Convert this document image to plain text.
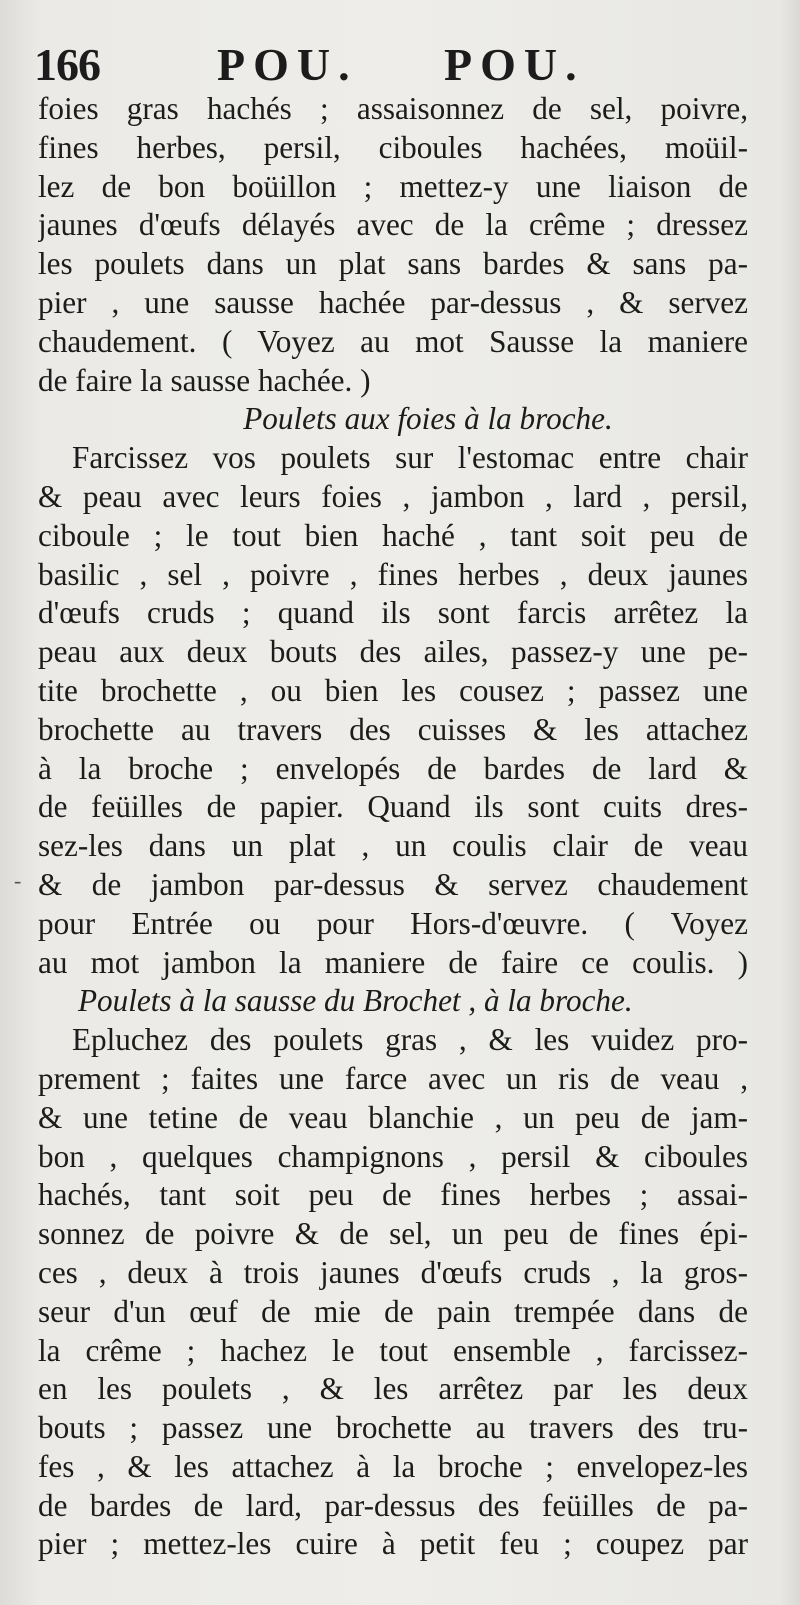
166	POU. POU.
foies gras hachés ; assaisonnez de sel, poivre,
fines herbes, persil, ciboules hachées, moüil-
lez de bon boüillon ; mettez-y une liaison de
jaunes d'œufs délayés avec de la crême ; dressez
les poulets dans un plat sans bardes & sans pa-
pier , une sausse hachée par-dessus , & servez
chaudement. ( Voyez au mot Sausse la maniere
de faire la sausse hachée. )
Poulets aux foies à la broche.
Farcissez vos poulets sur l'estomac entre chair
& peau avec leurs foies , jambon , lard , persil,
ciboule ; le tout bien haché , tant soit peu de
basilic , sel , poivre , fines herbes , deux jaunes
d'œufs cruds ; quand ils sont farcis arrêtez la
peau aux deux bouts des ailes, passez-y une pe-
tite brochette , ou bien les cousez ; passez une
brochette au travers des cuisses & les attachez
à la broche ; envelopés de bardes de lard &
de feüilles de papier. Quand ils sont cuits dres-
sez-les dans un plat , un coulis clair de veau
& de jambon par-dessus & servez chaudement
pour Entrée ou pour Hors-d'œuvre. ( Voyez
au mot jambon la maniere de faire ce coulis. )
Poulets à la sausse du Brochet , à la broche.
Epluchez des poulets gras , & les vuidez pro-
prement ; faites une farce avec un ris de veau ,
& une tetine de veau blanchie , un peu de jam-
bon , quelques champignons , persil & ciboules
hachés, tant soit peu de fines herbes ; assai-
sonnez de poivre & de sel, un peu de fines épi-
ces , deux à trois jaunes d'œufs cruds , la gros-
seur d'un œuf de mie de pain trempée dans de
la crême ; hachez le tout ensemble , farcissez-
en les poulets , & les arrêtez par les deux
bouts ; passez une brochette au travers des tru-
fes , & les attachez à la broche ; envelopez-les
de bardes de lard, par-dessus des feüilles de pa-
pier ; mettez-les cuire à petit feu ; coupez par
-
